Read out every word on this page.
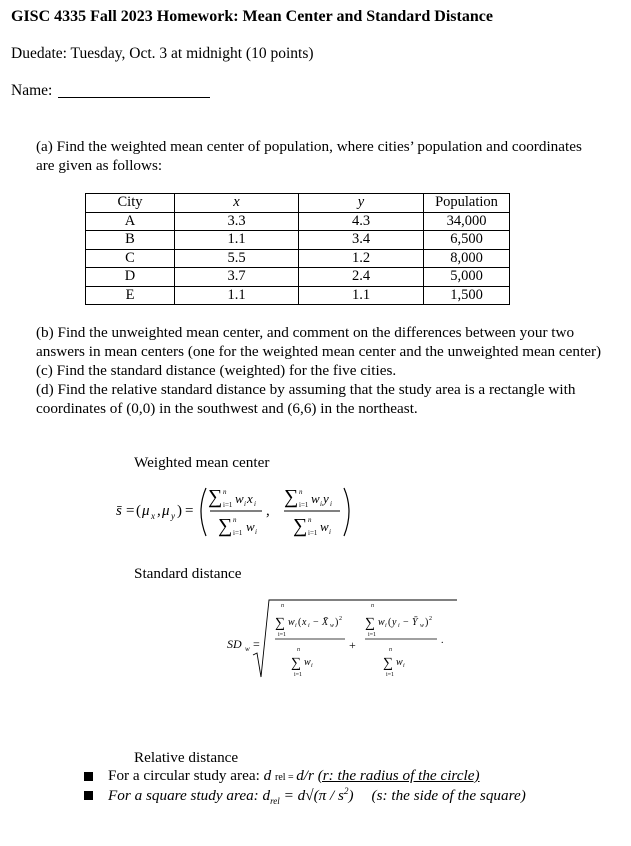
GISC 4335 Fall 2023 Homework: Mean Center and Standard Distance
Duedate: Tuesday, Oct. 3 at midnight (10 points)
Name:
(a) Find the weighted mean center of population, where cities’ population and coordinates
are given as follows:
City	x	y	Population
A	3.3	4.3	34,000
B	1.1	3.4	6,500
C	5.5	1.2	8,000
D	3.7	2.4	5,000
E	1.1	1.1	1,500
(b) Find the unweighted mean center, and comment on the differences between your two
answers in mean centers (one for the weighted mean center and the unweighted mean center)
(c) Find the standard distance (weighted) for the five cities.
(d) Find the relative standard distance by assuming that the study area is a rectangle with
coordinates of (0,0) in the southwest and (6,6) in the northeast.
Weighted mean center
s̄ = ( μ x , μ y ) =
∑ n
i=1 w i x i
∑ n
i=1 w i
,
∑ n
i=1 w i y i
∑ n
i=1 w i
Standard distance
SD w =
n
∑
i=1
w i ( x i − X̄ w ) 2
n
∑
i=1
w i
+
n
∑
i=1
w i ( y i − Ȳ w ) 2
n
∑
i=1
w i
.
Relative distance
For a circular study area: d rel = d/r (r: the radius of the circle)
For a square study area: $d_{rel} = d√(\pi / s^2)$ (s: the side of the square)
